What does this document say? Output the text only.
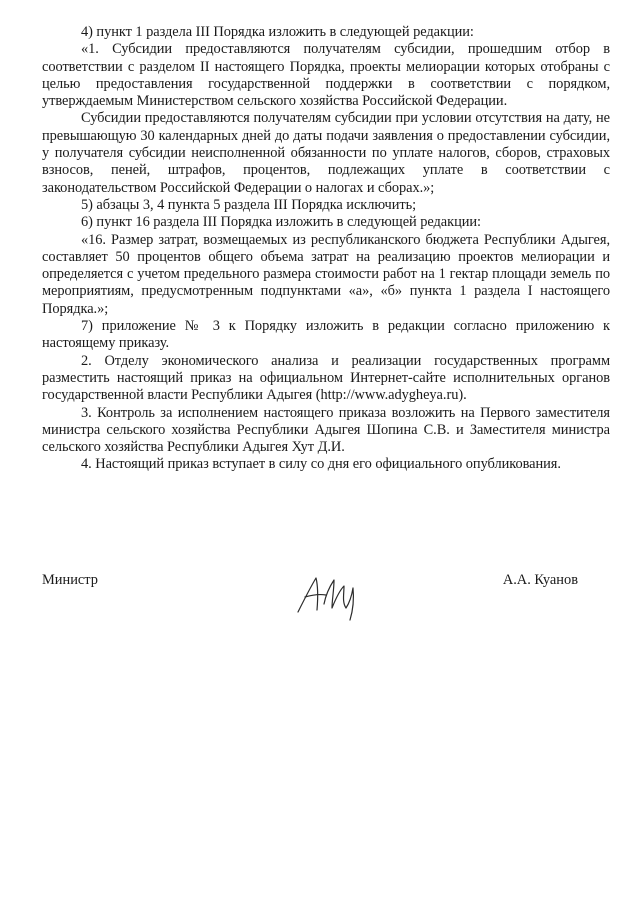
4) пункт 1 раздела III Порядка изложить в следующей редакции:

«1. Субсидии предоставляются получателям субсидии, прошедшим отбор в соответствии с разделом II настоящего Порядка, проекты мелиорации которых отобраны с целью предоставления государственной поддержки в соответствии с порядком, утверждаемым Министерством сельского хозяйства Российской Федерации.

Субсидии предоставляются получателям субсидии при условии отсутствия на дату, не превышающую 30 календарных дней до даты подачи заявления о предоставлении субсидии, у получателя субсидии неисполненной обязанности по уплате налогов, сборов, страховых взносов, пеней, штрафов, процентов, подлежащих уплате в соответствии с законодательством Российской Федерации о налогах и сборах.»;

5) абзацы 3, 4 пункта 5 раздела III Порядка исключить;

6) пункт 16 раздела III Порядка изложить в следующей редакции:

«16. Размер затрат, возмещаемых из республиканского бюджета Республики Адыгея, составляет 50 процентов общего объема затрат на реализацию проектов мелиорации и определяется с учетом предельного размера стоимости работ на 1 гектар площади земель по мероприятиям, предусмотренным подпунктами «а», «б» пункта 1 раздела I настоящего Порядка.»;

7) приложение № 3 к Порядку изложить в редакции согласно приложению к настоящему приказу.

2. Отделу экономического анализа и реализации государственных программ разместить настоящий приказ на официальном Интернет-сайте исполнительных органов государственной власти Республики Адыгея (http://www.adygheya.ru).

3. Контроль за исполнением настоящего приказа возложить на Первого заместителя министра сельского хозяйства Республики Адыгея Шопина С.В. и Заместителя министра сельского хозяйства Республики Адыгея Хут Д.И.

4. Настоящий приказ вступает в силу со дня его официального опубликования.

Министр	А.А. Куанов
